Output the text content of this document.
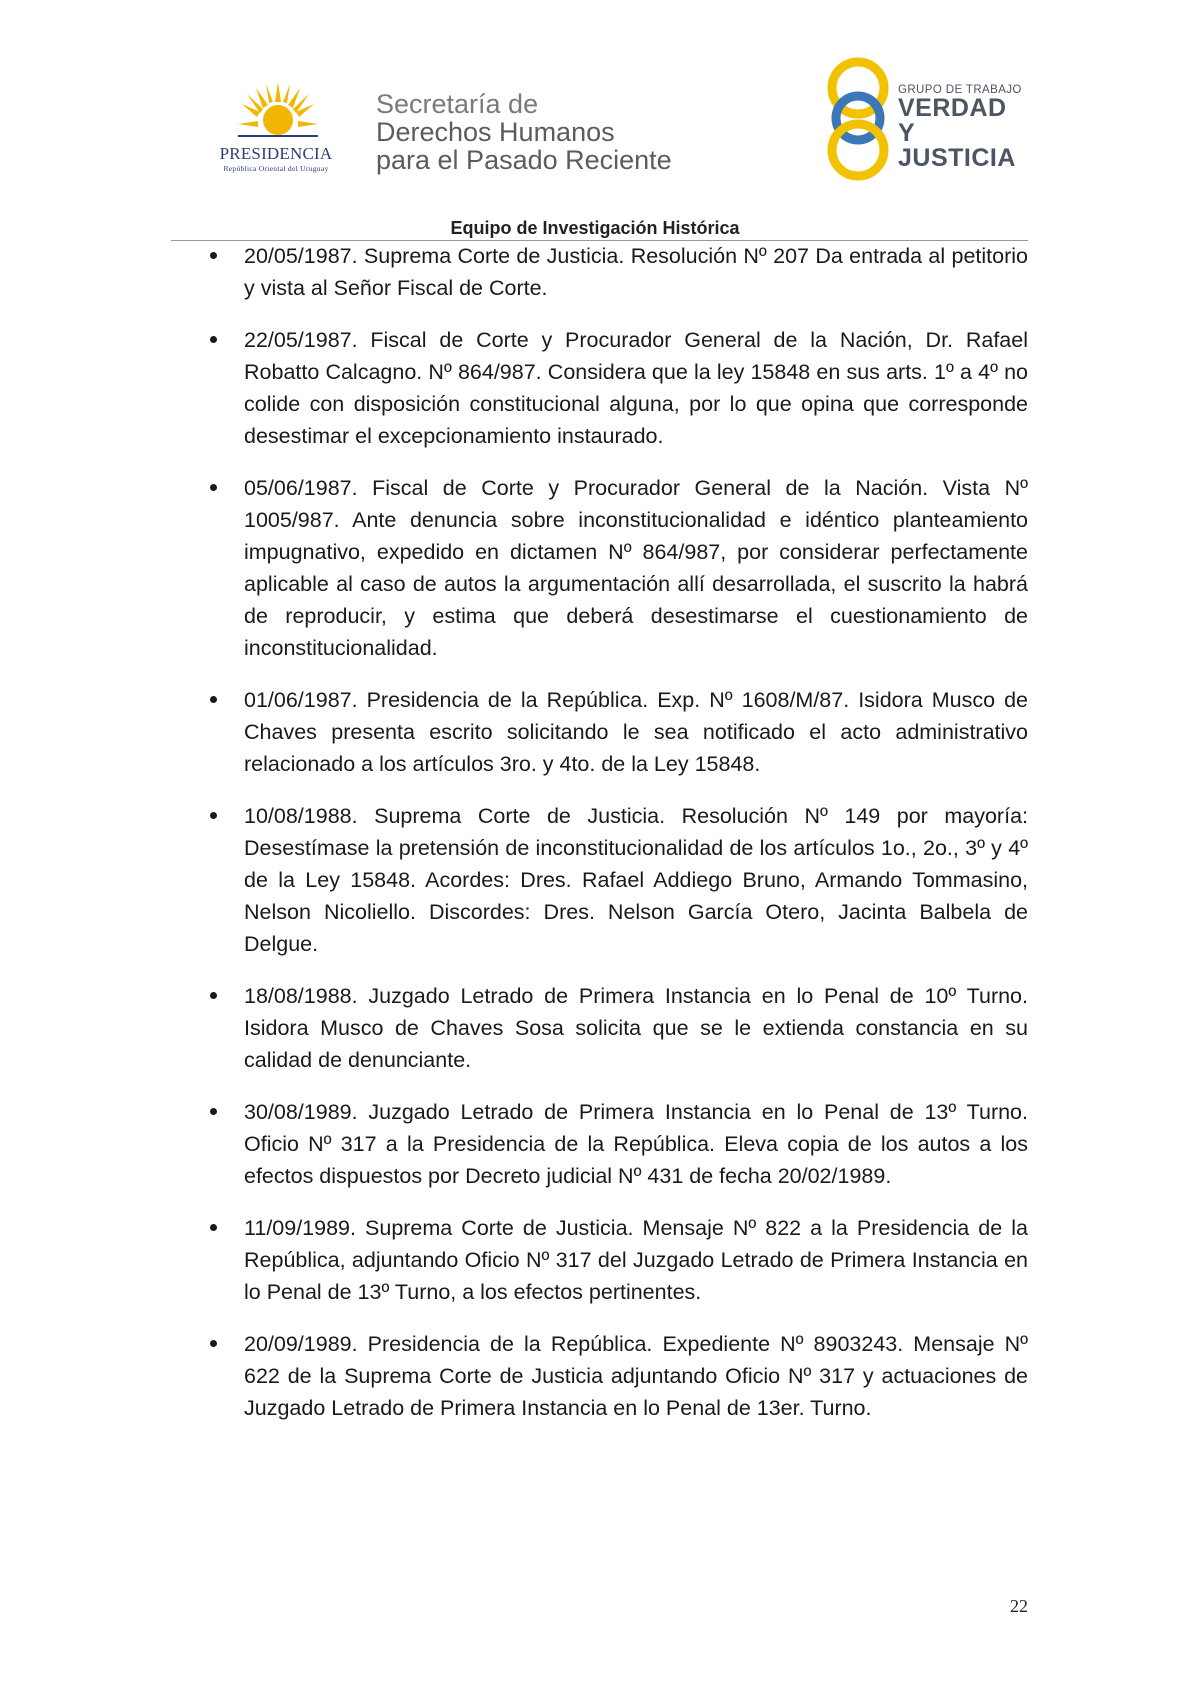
PRESIDENCIA
República Oriental del Uruguay
Secretaría de
Derechos Humanos
para el Pasado Reciente
GRUPO DE TRABAJO
VERDAD Y
JUSTICIA
Equipo de Investigación Histórica
20/05/1987. Suprema Corte de Justicia. Resolución Nº 207 Da entrada al petitorio y vista al Señor Fiscal de Corte.
22/05/1987. Fiscal de Corte y Procurador General de la Nación, Dr. Rafael Robatto Calcagno. Nº 864/987. Considera que la ley 15848 en sus arts. 1º a 4º no colide con disposición constitucional alguna, por lo que opina que corresponde desestimar el excepcionamiento instaurado.
05/06/1987. Fiscal de Corte y Procurador General de la Nación. Vista Nº 1005/987. Ante denuncia sobre inconstitucionalidad e idéntico planteamiento impugnativo, expedido en dictamen Nº 864/987, por considerar perfectamente aplicable al caso de autos la argumentación allí desarrollada, el suscrito la habrá de reproducir, y estima que deberá desestimarse el cuestionamiento de inconstitucionalidad.
01/06/1987. Presidencia de la República. Exp. Nº 1608/M/87. Isidora Musco de Chaves presenta escrito solicitando le sea notificado el acto administrativo relacionado a los artículos 3ro. y 4to. de la Ley 15848.
10/08/1988. Suprema Corte de Justicia. Resolución Nº 149 por mayoría: Desestímase la pretensión de inconstitucionalidad de los artículos 1o., 2o., 3º y 4º de la Ley 15848. Acordes: Dres. Rafael Addiego Bruno, Armando Tommasino, Nelson Nicoliello. Discordes: Dres. Nelson García Otero, Jacinta Balbela de Delgue.
18/08/1988. Juzgado Letrado de Primera Instancia en lo Penal de 10º Turno. Isidora Musco de Chaves Sosa solicita que se le extienda constancia en su calidad de denunciante.
30/08/1989. Juzgado Letrado de Primera Instancia en lo Penal de 13º Turno. Oficio Nº 317 a la Presidencia de la República. Eleva copia de los autos a los efectos dispuestos por Decreto judicial Nº 431 de fecha 20/02/1989.
11/09/1989. Suprema Corte de Justicia. Mensaje Nº 822 a la Presidencia de la República, adjuntando Oficio Nº 317 del Juzgado Letrado de Primera Instancia en lo Penal de 13º Turno, a los efectos pertinentes.
20/09/1989. Presidencia de la República. Expediente Nº 8903243. Mensaje Nº 622 de la Suprema Corte de Justicia adjuntando Oficio Nº 317 y actuaciones de Juzgado Letrado de Primera Instancia en lo Penal de 13er. Turno.
22
